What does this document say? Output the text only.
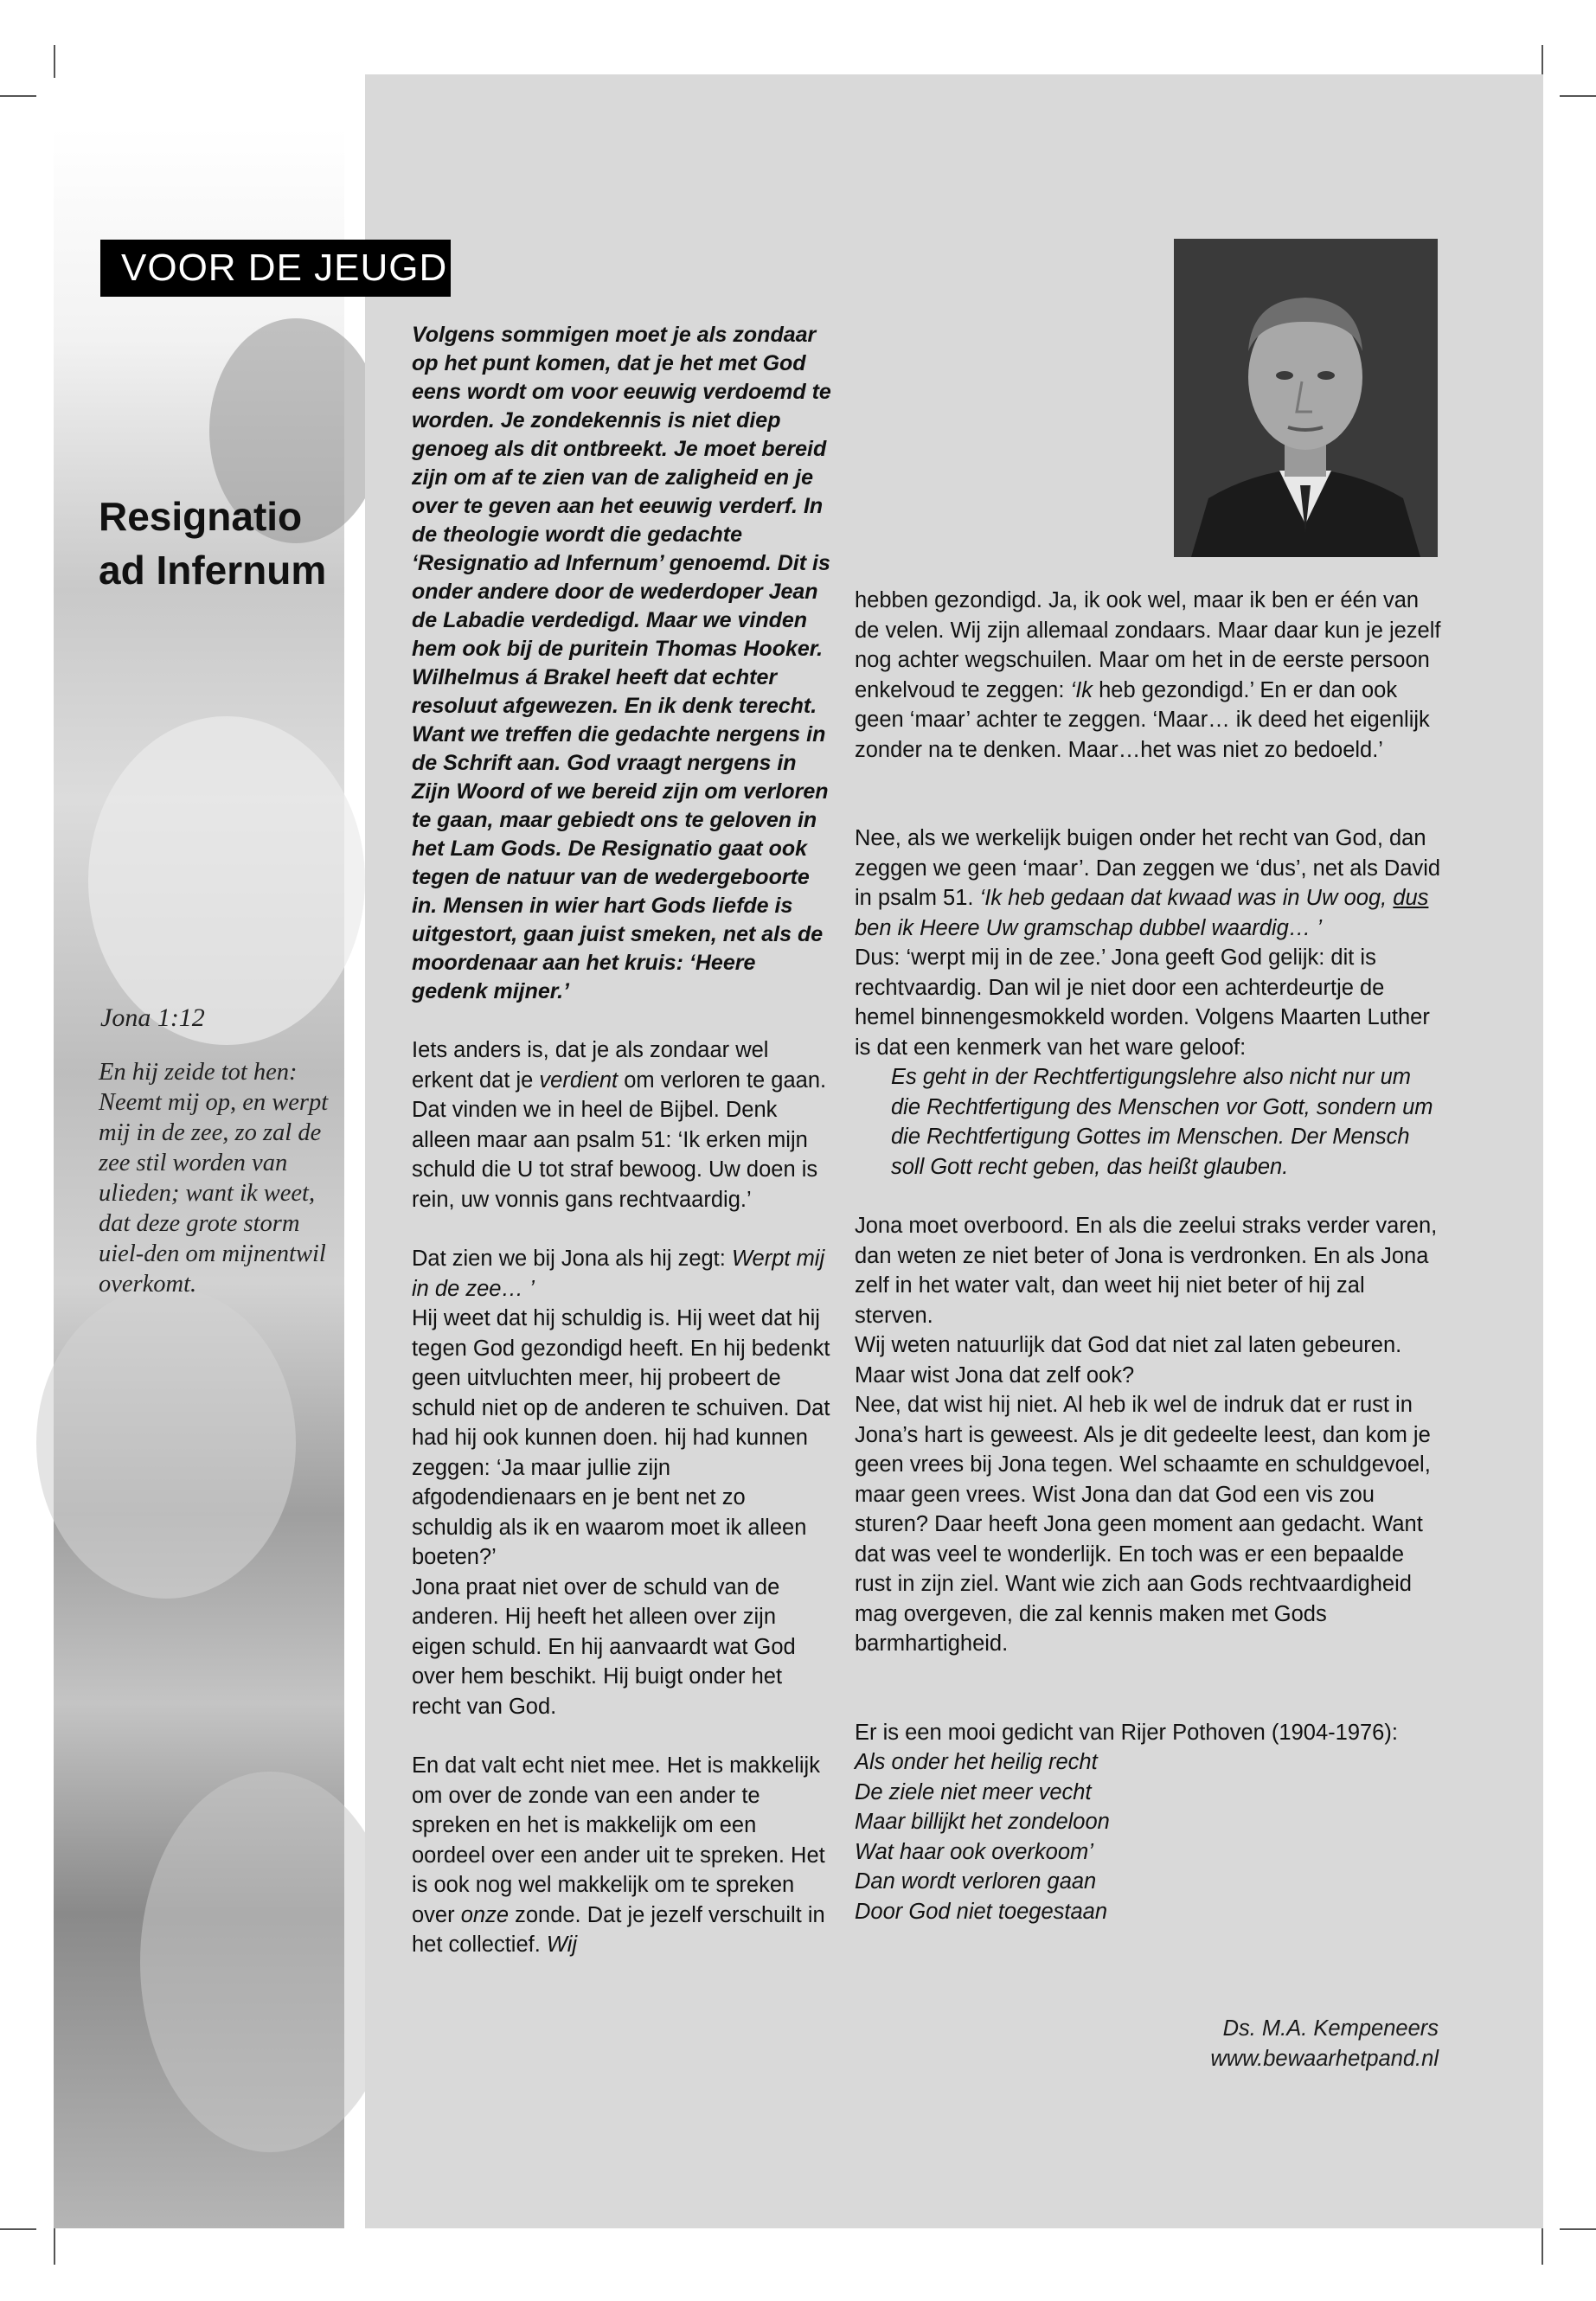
VOOR DE JEUGD
Resignatio
ad Infernum
Jona 1:12
En hij zeide tot hen: Neemt mij op, en werpt mij in de zee, zo zal de zee stil worden van ulieden; want ik weet, dat deze grote storm uiel-den om mijnentwil overkomt.

Volgens sommigen moet je als zondaar op het punt komen, dat je het met God eens wordt om voor eeuwig verdoemd te worden. Je zondekennis is niet diep genoeg als dit ontbreekt. Je moet bereid zijn om af te zien van de zaligheid en je over te geven aan het eeuwig verderf. In de theologie wordt die gedachte ‘Resignatio ad Infernum’ genoemd. Dit is onder andere door de wederdoper Jean de Labadie verdedigd. Maar we vinden hem ook bij de puritein Thomas Hooker. Wilhelmus á Brakel heeft dat echter resoluut afgewezen. En ik denk terecht. Want we treffen die gedachte nergens in de Schrift aan. God vraagt nergens in Zijn Woord of we bereid zijn om verloren te gaan, maar gebiedt ons te geloven in het Lam Gods. De Resignatio gaat ook tegen de natuur van de wedergeboorte in. Mensen in wier hart Gods liefde is uitgestort, gaan juist smeken, net als de moordenaar aan het kruis: ‘Heere gedenk mijner.’

Iets anders is, dat je als zondaar wel erkent dat je verdient om verloren te gaan. Dat vinden we in heel de Bijbel. Denk alleen maar aan psalm 51: ‘Ik erken mijn schuld die U tot straf bewoog. Uw doen is rein, uw vonnis gans rechtvaardig.’

Dat zien we bij Jona als hij zegt: Werpt mij in de zee… ’

Hij weet dat hij schuldig is. Hij weet dat hij tegen God gezondigd heeft. En hij bedenkt geen uitvluchten meer, hij probeert de schuld niet op de anderen te schuiven. Dat had hij ook kunnen doen. hij had kunnen zeggen: ‘Ja maar jullie zijn afgodendienaars en je bent net zo schuldig als ik en waarom moet ik alleen boeten?’

Jona praat niet over de schuld van de anderen. Hij heeft het alleen over zijn eigen schuld. En hij aanvaardt wat God over hem beschikt. Hij buigt onder het recht van God.

En dat valt echt niet mee. Het is makkelijk om over de zonde van een ander te spreken en het is makkelijk om een oordeel over een ander uit te spreken. Het is ook nog wel makkelijk om te spreken over onze zonde. Dat je jezelf verschuilt in het collectief. Wij

hebben gezondigd. Ja, ik ook wel, maar ik ben er één van de velen. Wij zijn allemaal zondaars. Maar daar kun je jezelf nog achter wegschuilen. Maar om het in de eerste persoon enkelvoud te zeggen: ‘Ik heb gezondigd.’ En er dan ook geen ‘maar’ achter te zeggen. ‘Maar… ik deed het eigenlijk zonder na te denken. Maar…het was niet zo bedoeld.’

Nee, als we werkelijk buigen onder het recht van God, dan zeggen we geen ‘maar’. Dan zeggen we ‘dus’, net als David in psalm 51. ‘Ik heb gedaan dat kwaad was in Uw oog, dus ben ik Heere Uw gramschap dubbel waardig… ’

Dus: ‘werpt mij in de zee.’ Jona geeft God gelijk: dit is rechtvaardig. Dan wil je niet door een achterdeurtje de hemel binnengesmokkeld worden. Volgens Maarten Luther is dat een kenmerk van het ware geloof:

Es geht in der Rechtfertigungslehre also nicht nur um die Rechtfertigung des Menschen vor Gott, sondern um die Rechtfertigung Gottes im Menschen. Der Mensch soll Gott recht geben, das heißt glauben.

Jona moet overboord. En als die zeelui straks verder varen, dan weten ze niet beter of Jona is verdronken. En als Jona zelf in het water valt, dan weet hij niet beter of hij zal sterven.

Wij weten natuurlijk dat God dat niet zal laten gebeuren. Maar wist Jona dat zelf ook?

Nee, dat wist hij niet. Al heb ik wel de indruk dat er rust in Jona’s hart is geweest. Als je dit gedeelte leest, dan kom je geen vrees bij Jona tegen. Wel schaamte en schuldgevoel, maar geen vrees. Wist Jona dan dat God een vis zou sturen? Daar heeft Jona geen moment aan gedacht. Want dat was veel te wonderlijk. En toch was er een bepaalde rust in zijn ziel. Want wie zich aan Gods rechtvaardigheid mag overgeven, die zal kennis maken met Gods barmhartigheid.

Er is een mooi gedicht van Rijer Pothoven (1904-1976):

Als onder het heilig recht
De ziele niet meer vecht
Maar billijkt het zondeloon
Wat haar ook overkoom’
Dan wordt verloren gaan
Door God niet toegestaan
Ds. M.A. Kempeneers
www.bewaarhetpand.nl
